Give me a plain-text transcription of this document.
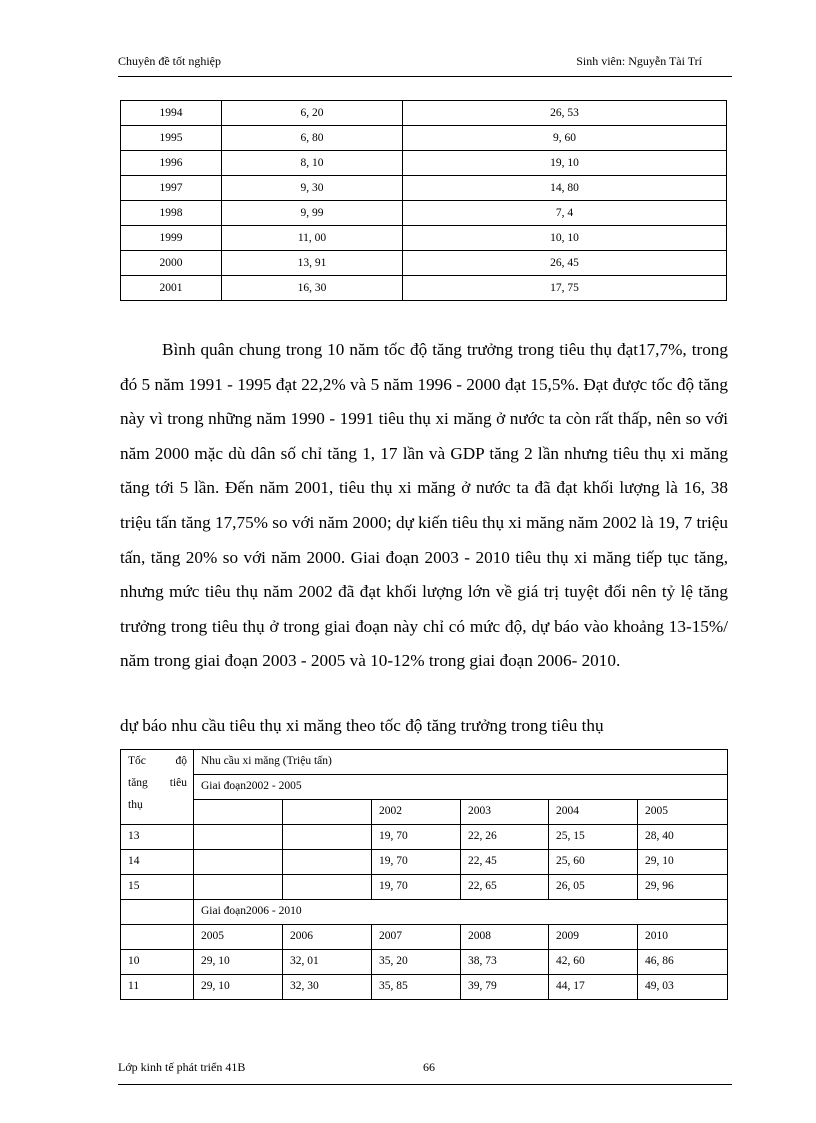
Chuyên đề tốt nghiệp	Sinh viên: Nguyễn Tài Trí
1994	6, 20	26, 53
1995	6, 80	9, 60
1996	8, 10	19, 10
1997	9, 30	14, 80
1998	9, 99	7, 4
1999	11, 00	10, 10
2000	13, 91	26, 45
2001	16, 30	17, 75

Bình quân chung trong 10 năm tốc độ tăng trưởng trong tiêu thụ đạt17,7%, trong đó 5 năm 1991 - 1995 đạt 22,2% và 5 năm 1996 - 2000 đạt 15,5%. Đạt được tốc độ tăng này vì trong những năm 1990 - 1991 tiêu thụ xi măng ở nước ta còn rất thấp, nên so với năm 2000 mặc dù dân số chỉ tăng 1, 17 lần và GDP tăng 2 lần nhưng tiêu thụ xi măng tăng tới 5 lần. Đến năm 2001, tiêu thụ xi măng ở nước ta đã đạt khối lượng là 16, 38 triệu tấn tăng 17,75% so với năm 2000; dự kiến tiêu thụ xi măng năm 2002 là 19, 7 triệu tấn, tăng 20% so với năm 2000. Giai đoạn 2003 - 2010 tiêu thụ xi măng tiếp tục tăng, nhưng mức tiêu thụ năm 2002 đã đạt khối lượng lớn về giá trị tuyệt đối nên tỷ lệ tăng trưởng trong tiêu thụ ở trong giai đoạn này chỉ có mức độ, dự báo vào khoảng 13-15%/ năm trong giai đoạn 2003 - 2005 và 10-12% trong giai đoạn 2006- 2010.

dự báo nhu cầu tiêu thụ xi măng theo tốc độ tăng trưởng trong tiêu thụ
Tốc độ
tăng tiêu
thụ	Nhu cầu xi măng (Triệu tấn)					
	Giai đoạn2002 - 2005					
			2002	2003	2004	2005
13			19, 70	22, 26	25, 15	28, 40
14			19, 70	22, 45	25, 60	29, 10
15			19, 70	22, 65	26, 05	29, 96
	Giai đoạn2006 - 2010					
	2005	2006	2007	2008	2009	2010
10	29, 10	32, 01	35, 20	38, 73	42, 60	46, 86
11	29, 10	32, 30	35, 85	39, 79	44, 17	49, 03
Lớp kinh tế phát triển 41B	66
